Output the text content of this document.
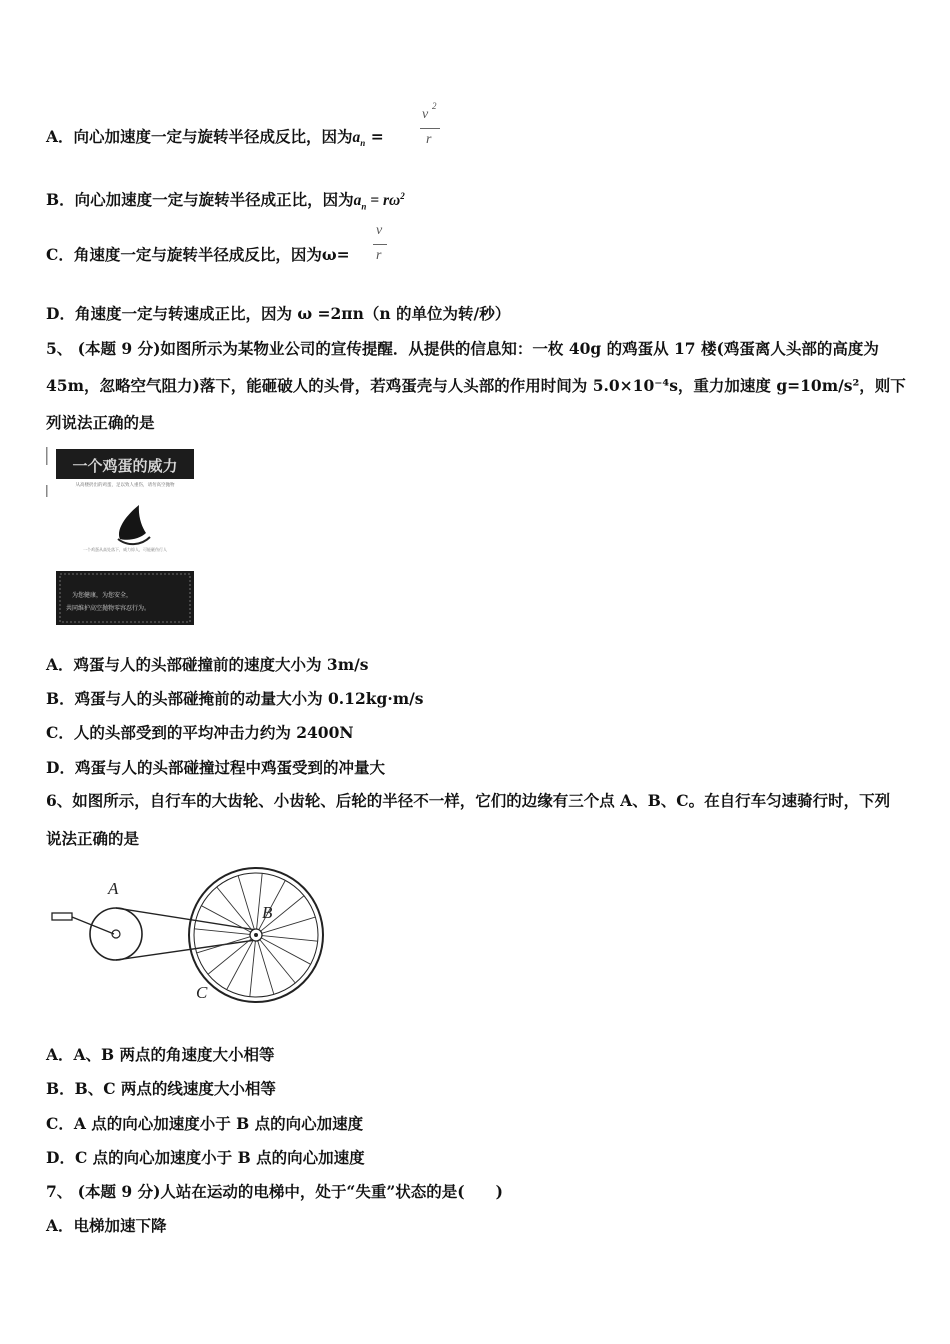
A．向心加速度一定与旋转半径成反比，因为$a_n$ =
v
2
r
B．向心加速度一定与旋转半径成正比，因为$a_n = r\omega^2$
C．角速度一定与旋转半径成反比，因为ω=
v
r
D．角速度一定与转速成正比，因为 ω =2πn（n 的单位为转/秒）
5、 (本题 9 分)如图所示为某物业公司的宣传提醒．从提供的信息知：一枚 40g 的鸡蛋从 17 楼(鸡蛋离人头部的高度为
45m，忽略空气阻力)落下，能砸破人的头骨，若鸡蛋壳与人头部的作用时间为 5.0×10⁻⁴s，重力加速度 g=10m/s²，则下
列说法正确的是
一个鸡蛋的威力
从高楼扔出的鸡蛋，足以致人重伤，请勿高空抛物
一个鸡蛋从高处落下，威力惊人，可能砸伤行人
为您健康，为您安全，
共同维护高空抛物零容忍行为。
A．鸡蛋与人的头部碰撞前的速度大小为 3m/s
B．鸡蛋与人的头部碰掩前的动量大小为 0.12kg·m/s
C．人的头部受到的平均冲击力约为 2400N
D．鸡蛋与人的头部碰撞过程中鸡蛋受到的冲量大
6、如图所示，自行车的大齿轮、小齿轮、后轮的半径不一样，它们的边缘有三个点 A、B、C。在自行车匀速骑行时，下列
说法正确的是
A
B
C
A．A、B 两点的角速度大小相等
B．B、C 两点的线速度大小相等
C．A 点的向心加速度小于 B 点的向心加速度
D．C 点的向心加速度小于 B 点的向心加速度
7、 (本题 9 分)人站在运动的电梯中，处于“失重”状态的是(　　)
A．电梯加速下降
